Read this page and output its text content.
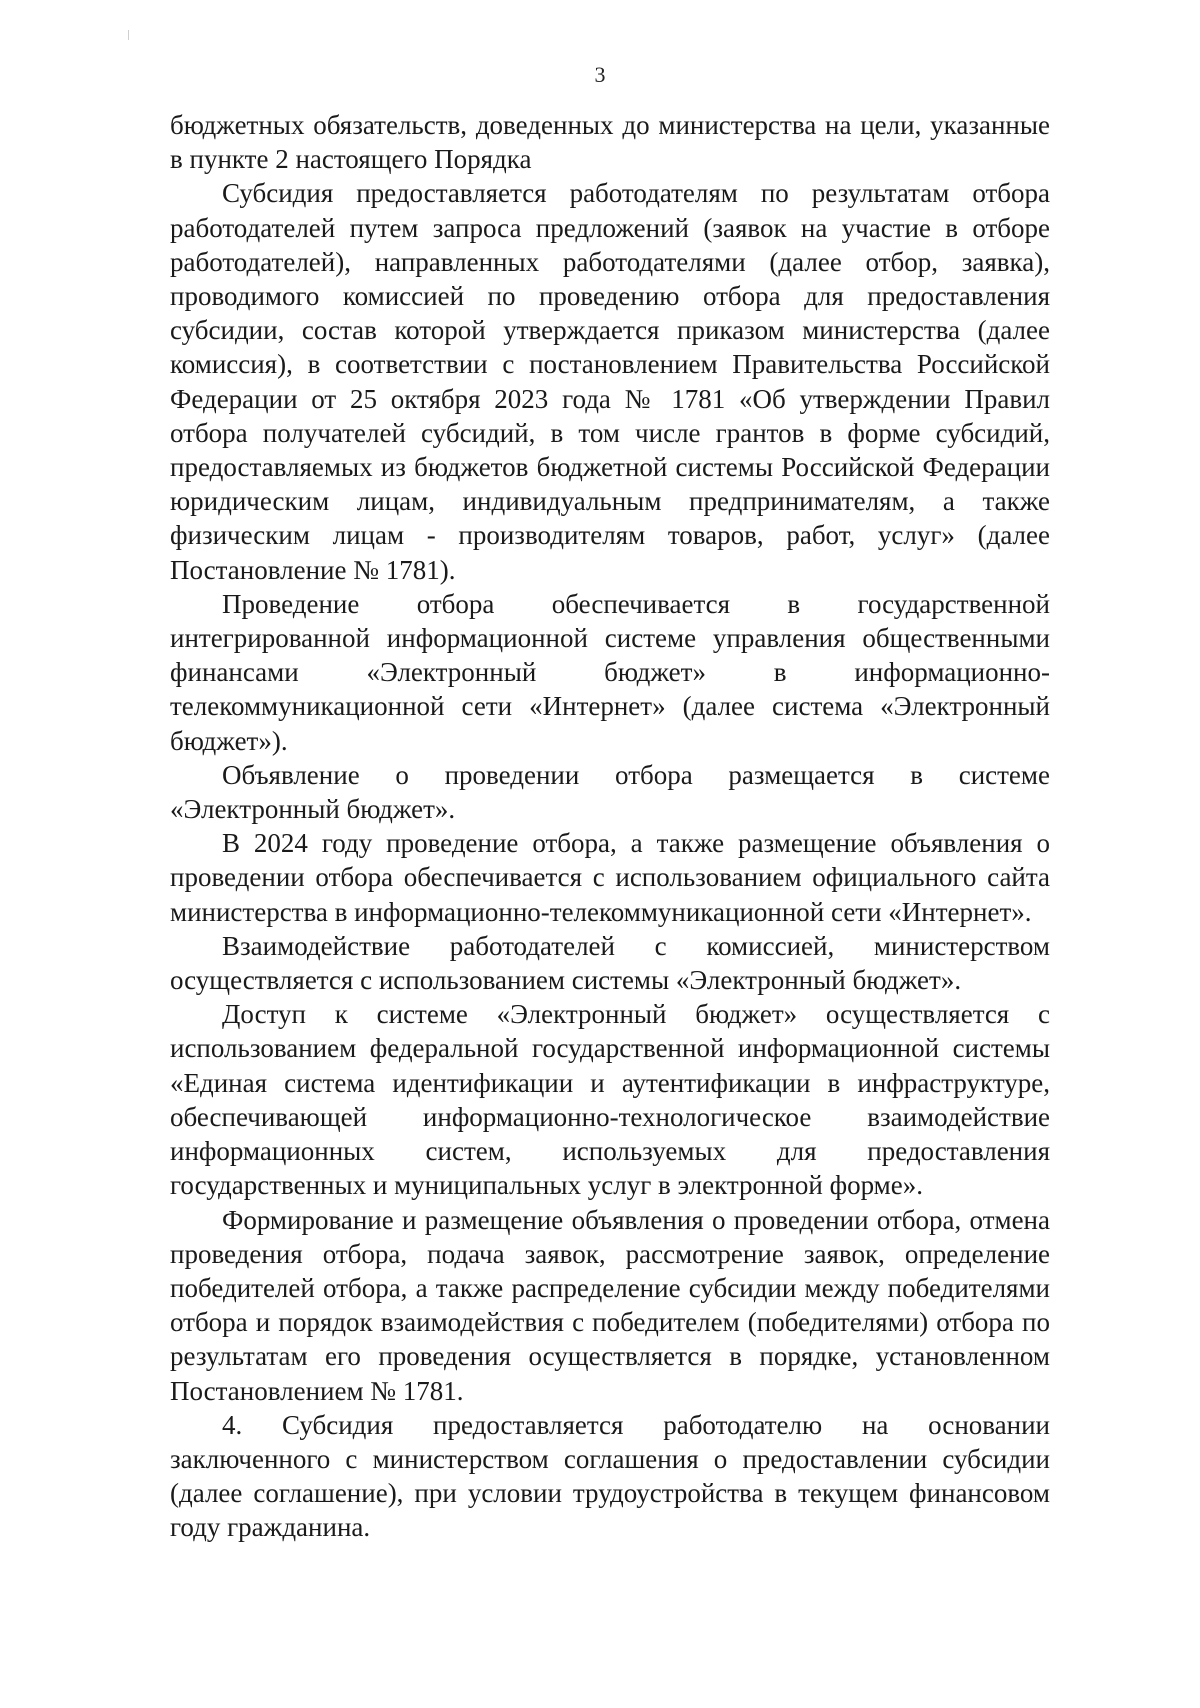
3

бюджетных обязательств, доведенных до министерства на цели, указанные в пункте 2 настоящего Порядка

Субсидия предоставляется работодателям по результатам отбора работодателей путем запроса предложений (заявок на участие в отборе работодателей), направленных работодателями (далее отбор, заявка), проводимого комиссией по проведению отбора для предоставления субсидии, состав которой утверждается приказом министерства (далее комиссия), в соответствии с постановлением Правительства Российской Федерации от 25 октября 2023 года № 1781 «Об утверждении Правил отбора получателей субсидий, в том числе грантов в форме субсидий, предоставляемых из бюджетов бюджетной системы Российской Федерации юридическим лицам, индивидуальным предпринимателям, а также физическим лицам - производителям товаров, работ, услуг» (далее Постановление № 1781).

Проведение отбора обеспечивается в государственной интегрированной информационной системе управления общественными финансами «Электронный бюджет» в информационно-телекоммуникационной сети «Интернет» (далее система «Электронный бюджет»).

Объявление о проведении отбора размещается в системе «Электронный бюджет».

В 2024 году проведение отбора, а также размещение объявления о проведении отбора обеспечивается с использованием официального сайта министерства в информационно-телекоммуникационной сети «Интернет».

Взаимодействие работодателей с комиссией, министерством осуществляется с использованием системы «Электронный бюджет».

Доступ к системе «Электронный бюджет» осуществляется с использованием федеральной государственной информационной системы «Единая система идентификации и аутентификации в инфраструктуре, обеспечивающей информационно-технологическое взаимодействие информационных систем, используемых для предоставления государственных и муниципальных услуг в электронной форме».

Формирование и размещение объявления о проведении отбора, отмена проведения отбора, подача заявок, рассмотрение заявок, определение победителей отбора, а также распределение субсидии между победителями отбора и порядок взаимодействия с победителем (победителями) отбора по результатам его проведения осуществляется в порядке, установленном Постановлением № 1781.

4. Субсидия предоставляется работодателю на основании заключенного с министерством соглашения о предоставлении субсидии (далее соглашение), при условии трудоустройства в текущем финансовом году гражданина.
